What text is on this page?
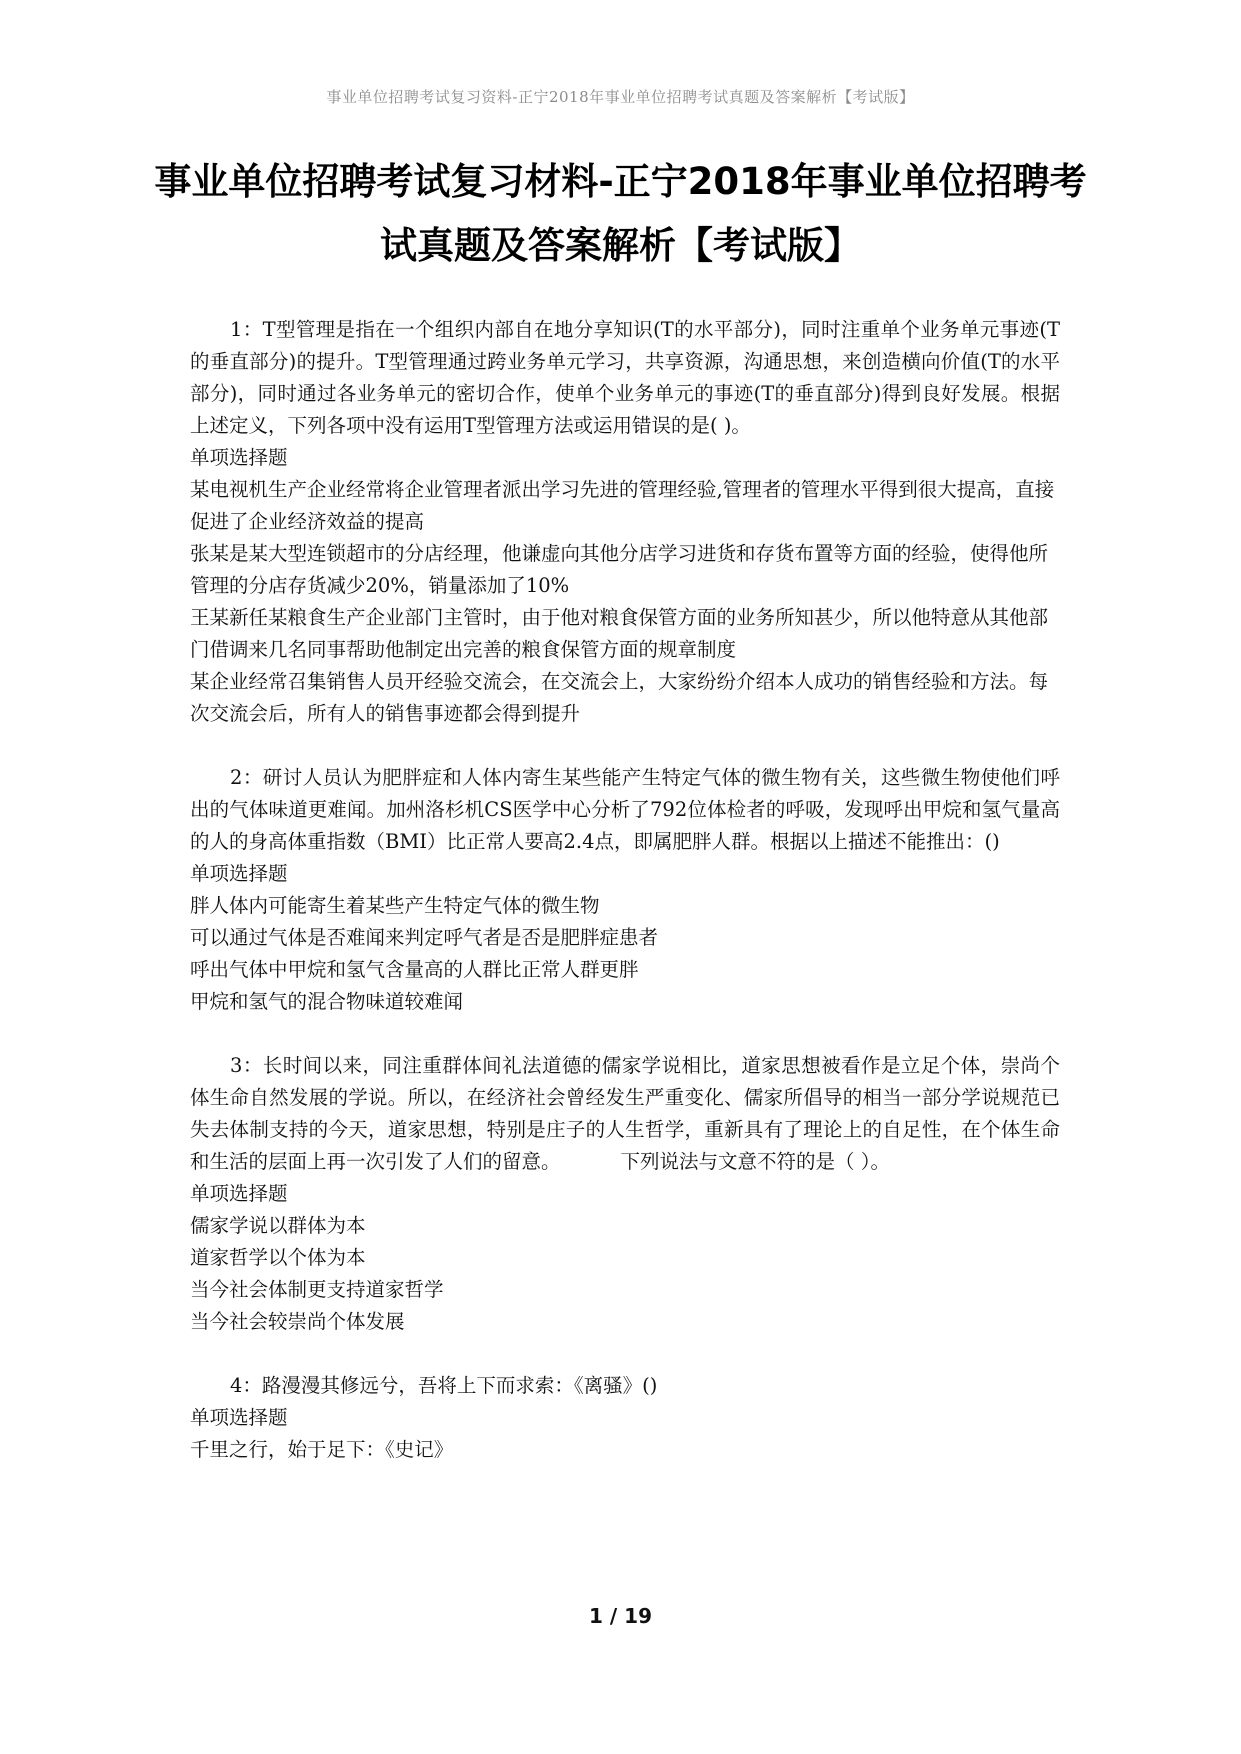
事业单位招聘考试复习资料-正宁2018年事业单位招聘考试真题及答案解析【考试版】
事业单位招聘考试复习材料-正宁2018年事业单位招聘考
试真题及答案解析【考试版】
1：T型管理是指在一个组织内部自在地分享知识(T的水平部分)，同时注重单个业务单元事迹(T的垂直部分)的提升。T型管理通过跨业务单元学习，共享资源，沟通思想，来创造横向价值(T的水平部分)，同时通过各业务单元的密切合作，使单个业务单元的事迹(T的垂直部分)得到良好发展。根据上述定义，下列各项中没有运用T型管理方法或运用错误的是( )。
单项选择题
某电视机生产企业经常将企业管理者派出学习先进的管理经验,管理者的管理水平得到很大提高，直接促进了企业经济效益的提高
张某是某大型连锁超市的分店经理，他谦虚向其他分店学习进货和存货布置等方面的经验，使得他所管理的分店存货减少20%，销量添加了10%
王某新任某粮食生产企业部门主管时，由于他对粮食保管方面的业务所知甚少，所以他特意从其他部门借调来几名同事帮助他制定出完善的粮食保管方面的规章制度
某企业经常召集销售人员开经验交流会，在交流会上，大家纷纷介绍本人成功的销售经验和方法。每次交流会后，所有人的销售事迹都会得到提升
2：研讨人员认为肥胖症和人体内寄生某些能产生特定气体的微生物有关，这些微生物使他们呼出的气体味道更难闻。加州洛杉机CS医学中心分析了792位体检者的呼吸，发现呼出甲烷和氢气量高的人的身高体重指数（BMI）比正常人要高2.4点，即属肥胖人群。根据以上描述不能推出：()
单项选择题
胖人体内可能寄生着某些产生特定气体的微生物
可以通过气体是否难闻来判定呼气者是否是肥胖症患者
呼出气体中甲烷和氢气含量高的人群比正常人群更胖
甲烷和氢气的混合物味道较难闻
3：长时间以来，同注重群体间礼法道德的儒家学说相比，道家思想被看作是立足个体，崇尚个体生命自然发展的学说。所以，在经济社会曾经发生严重变化、儒家所倡导的相当一部分学说规范已失去体制支持的今天，道家思想，特别是庄子的人生哲学，重新具有了理论上的自足性，在个体生命和生活的层面上再一次引发了人们的留意。	下列说法与文意不符的是（ ）。
单项选择题
儒家学说以群体为本
道家哲学以个体为本
当今社会体制更支持道家哲学
当今社会较崇尚个体发展
4：路漫漫其修远兮，吾将上下而求索：《离骚》()
单项选择题
千里之行，始于足下：《史记》
1 / 19
